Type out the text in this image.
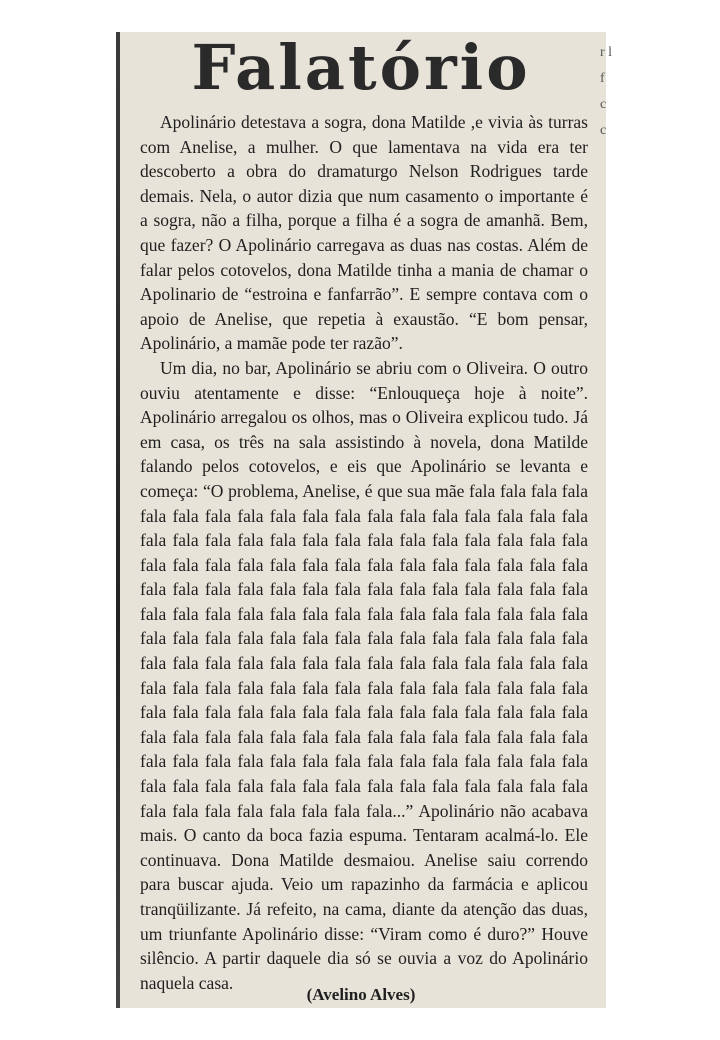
Falatório

Apolinário detestava a sogra, dona Matilde ,e vivia às turras com Anelise, a mulher. O que lamentava na vida era ter descoberto a obra do dramaturgo Nelson Rodrigues tarde demais. Nela, o autor dizia que num casamento o importante é a sogra, não a filha, porque a filha é a sogra de amanhã. Bem, que fazer? O Apolinário carregava as duas nas costas. Além de falar pelos cotovelos, dona Matilde tinha a mania de chamar o Apolinario de “estroina e fanfarrão”. E sempre contava com o apoio de Anelise, que repetia à exaustão. “E bom pensar, Apolinário, a mamãe pode ter razão”.

Um dia, no bar, Apolinário se abriu com o Oliveira. O outro ouviu atentamente e disse: “Enlouqueça hoje à noite”. Apolinário arregalou os olhos, mas o Oliveira explicou tudo. Já em casa, os três na sala assistindo à novela, dona Matilde falando pelos cotovelos, e eis que Apolinário se levanta e começa: “O problema, Anelise, é que sua mãe fala fala fala fala fala fala fala fala fala fala fala fala fala fala fala fala fala fala fala fala fala fala fala fala fala fala fala fala fala fala fala fala fala fala fala fala fala fala fala fala fala fala fala fala fala fala fala fala fala fala fala fala fala fala fala fala fala fala fala fala fala fala fala fala fala fala fala fala fala fala fala fala fala fala fala fala fala fala fala fala fala fala fala fala fala fala fala fala fala fala fala fala fala fala fala fala fala fala fala fala fala fala fala fala fala fala fala fala fala fala fala fala fala fala fala fala fala fala fala fala fala fala fala fala fala fala fala fala fala fala fala fala fala fala fala fala fala fala fala fala fala fala fala fala fala fala fala fala fala fala fala fala fala fala fala fala fala fala fala fala fala fala fala fala fala fala fala fala fala fala fala fala fala fala fala fala fala fala fala fala...” Apolinário não acabava mais. O canto da boca fazia espuma. Tentaram acalmá-lo. Ele continuava. Dona Matilde desmaiou. Anelise saiu correndo para buscar ajuda. Veio um rapazinho da farmácia e aplicou tranqüilizante. Já refeito, na cama, diante da atenção das duas, um triunfante Apolinário disse: “Viram como é duro?” Houve silêncio. A partir daquele dia só se ouvia a voz do Apolinário naquela casa.

(Avelino Alves)
r l f c c
